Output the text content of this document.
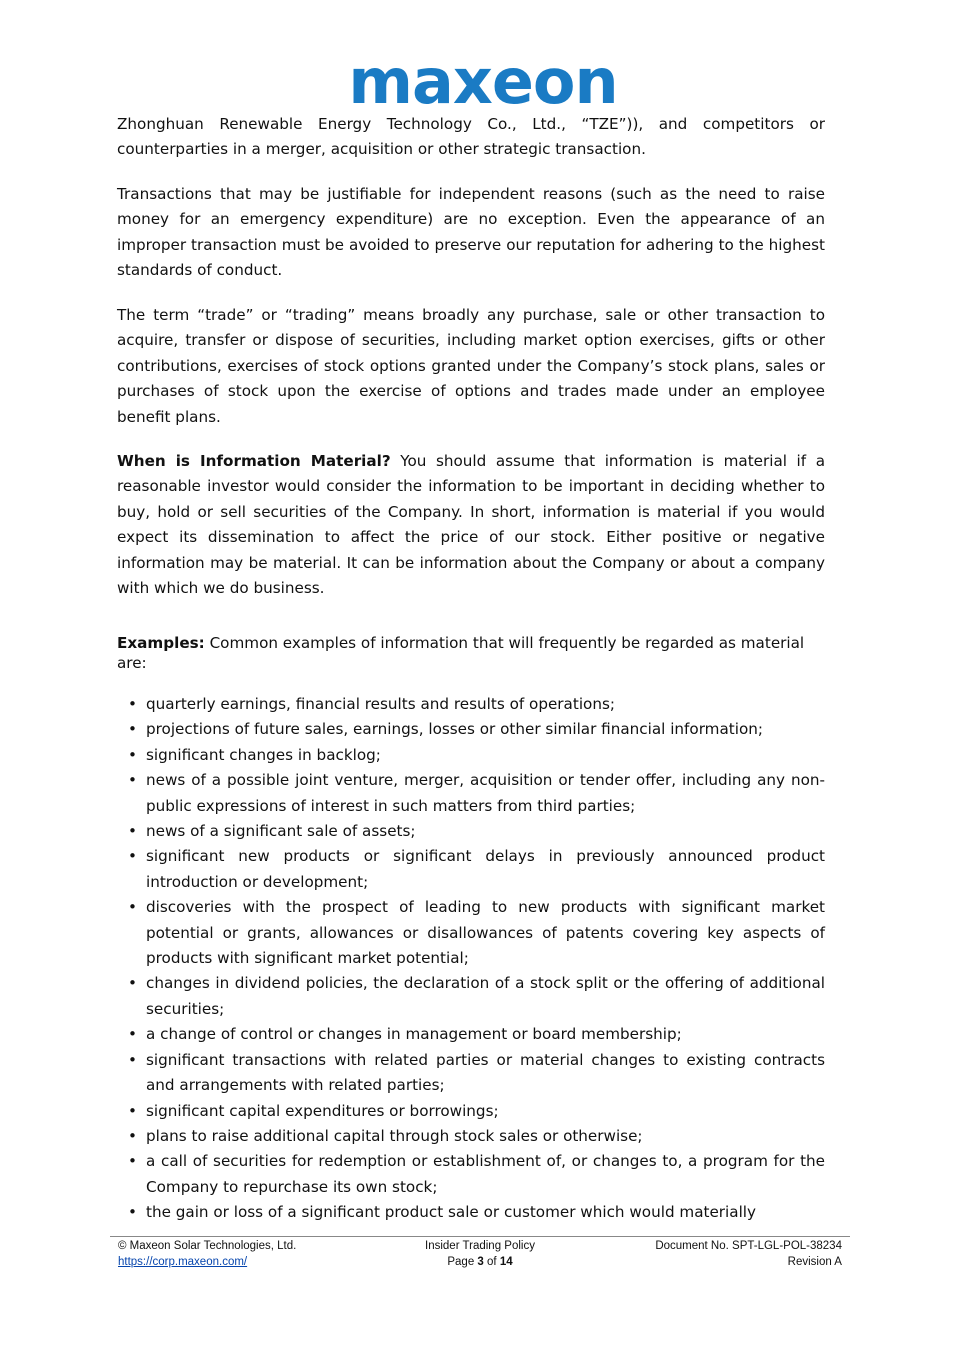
maxeon

Zhonghuan Renewable Energy Technology Co., Ltd., “TZE”)), and competitors or counterparties in a merger, acquisition or other strategic transaction.

Transactions that may be justifiable for independent reasons (such as the need to raise money for an emergency expenditure) are no exception. Even the appearance of an improper transaction must be avoided to preserve our reputation for adhering to the highest standards of conduct.

The term “trade” or “trading” means broadly any purchase, sale or other transaction to acquire, transfer or dispose of securities, including market option exercises, gifts or other contributions, exercises of stock options granted under the Company’s stock plans, sales or purchases of stock upon the exercise of options and trades made under an employee benefit plans.

When is Information Material? You should assume that information is material if a reasonable investor would consider the information to be important in deciding whether to buy, hold or sell securities of the Company. In short, information is material if you would expect its dissemination to affect the price of our stock. Either positive or negative information may be material. It can be information about the Company or about a company with which we do business.

Examples: Common examples of information that will frequently be regarded as material are:

• quarterly earnings, financial results and results of operations;
• projections of future sales, earnings, losses or other similar financial information;
• significant changes in backlog;
• news of a possible joint venture, merger, acquisition or tender offer, including any non-public expressions of interest in such matters from third parties;
• news of a significant sale of assets;
• significant new products or significant delays in previously announced product introduction or development;
• discoveries with the prospect of leading to new products with significant market potential or grants, allowances or disallowances of patents covering key aspects of products with significant market potential;
• changes in dividend policies, the declaration of a stock split or the offering of additional securities;
• a change of control or changes in management or board membership;
• significant transactions with related parties or material changes to existing contracts and arrangements with related parties;
• significant capital expenditures or borrowings;
• plans to raise additional capital through stock sales or otherwise;
• a call of securities for redemption or establishment of, or changes to, a program for the Company to repurchase its own stock;
• the gain or loss of a significant product sale or customer which would materially
© Maxeon Solar Technologies, Ltd.	Insider Trading Policy	Document No. SPT-LGL-POL-38234
https://corp.maxeon.com/	Page 3 of 14	Revision A
